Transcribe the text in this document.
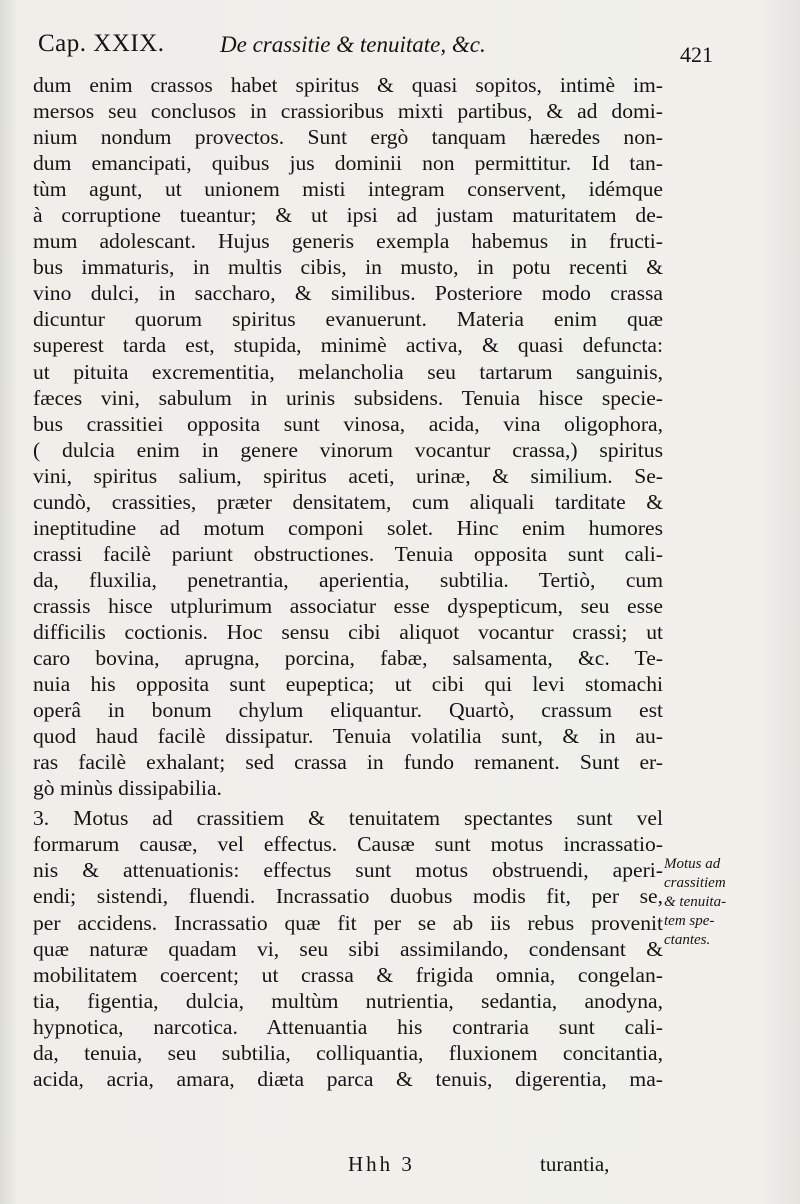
Cap. XXIX. De crassitie & tenuitate, &c.	421
dum enim crassos habet spiritus & quasi sopitos, intimè im-
mersos seu conclusos in crassioribus mixti partibus, & ad domi-
nium nondum provectos. Sunt ergò tanquam hæredes non-
dum emancipati, quibus jus dominii non permittitur. Id tan-
tùm agunt, ut unionem misti integram conservent, idémque
à corruptione tueantur; & ut ipsi ad justam maturitatem de-
mum adolescant. Hujus generis exempla habemus in fructi-
bus immaturis, in multis cibis, in musto, in potu recenti &
vino dulci, in saccharo, & similibus. Posteriore modo crassa
dicuntur quorum spiritus evanuerunt. Materia enim quæ
superest tarda est, stupida, minimè activa, & quasi defuncta:
ut pituita excrementitia, melancholia seu tartarum sanguinis,
fæces vini, sabulum in urinis subsidens. Tenuia hisce specie-
bus crassitiei opposita sunt vinosa, acida, vina oligophora,
( dulcia enim in genere vinorum vocantur crassa,) spiritus
vini, spiritus salium, spiritus aceti, urinæ, & similium. Se-
cundò, crassities, præter densitatem, cum aliquali tarditate &
ineptitudine ad motum componi solet. Hinc enim humores
crassi facilè pariunt obstructiones. Tenuia opposita sunt cali-
da, fluxilia, penetrantia, aperientia, subtilia. Tertiò, cum
crassis hisce utplurimum associatur esse dyspepticum, seu esse
difficilis coctionis. Hoc sensu cibi aliquot vocantur crassi; ut
caro bovina, aprugna, porcina, fabæ, salsamenta, &c. Te-
nuia his opposita sunt eupeptica; ut cibi qui levi stomachi
operâ in bonum chylum eliquantur. Quartò, crassum est
quod haud facilè dissipatur. Tenuia volatilia sunt, & in au-
ras facilè exhalant; sed crassa in fundo remanent. Sunt er-
gò minùs dissipabilia.
3. Motus ad crassitiem & tenuitatem spectantes sunt vel
formarum causæ, vel effectus. Causæ sunt motus incrassatio-
nis & attenuationis: effectus sunt motus obstruendi, aperi-
endi; sistendi, fluendi. Incrassatio duobus modis fit, per se,
per accidens. Incrassatio quæ fit per se ab iis rebus provenit
quæ naturæ quadam vi, seu sibi assimilando, condensant &
mobilitatem coercent; ut crassa & frigida omnia, congelan-
tia, figentia, dulcia, multùm nutrientia, sedantia, anodyna,
hypnotica, narcotica. Attenuantia his contraria sunt cali-
da, tenuia, seu subtilia, colliquantia, fluxionem concitantia,
acida, acria, amara, diæta parca & tenuis, digerentia, ma-
Motus ad
crassitiem
& tenuita-
tem spe-
ctantes.
Hhh 3	turantia,
